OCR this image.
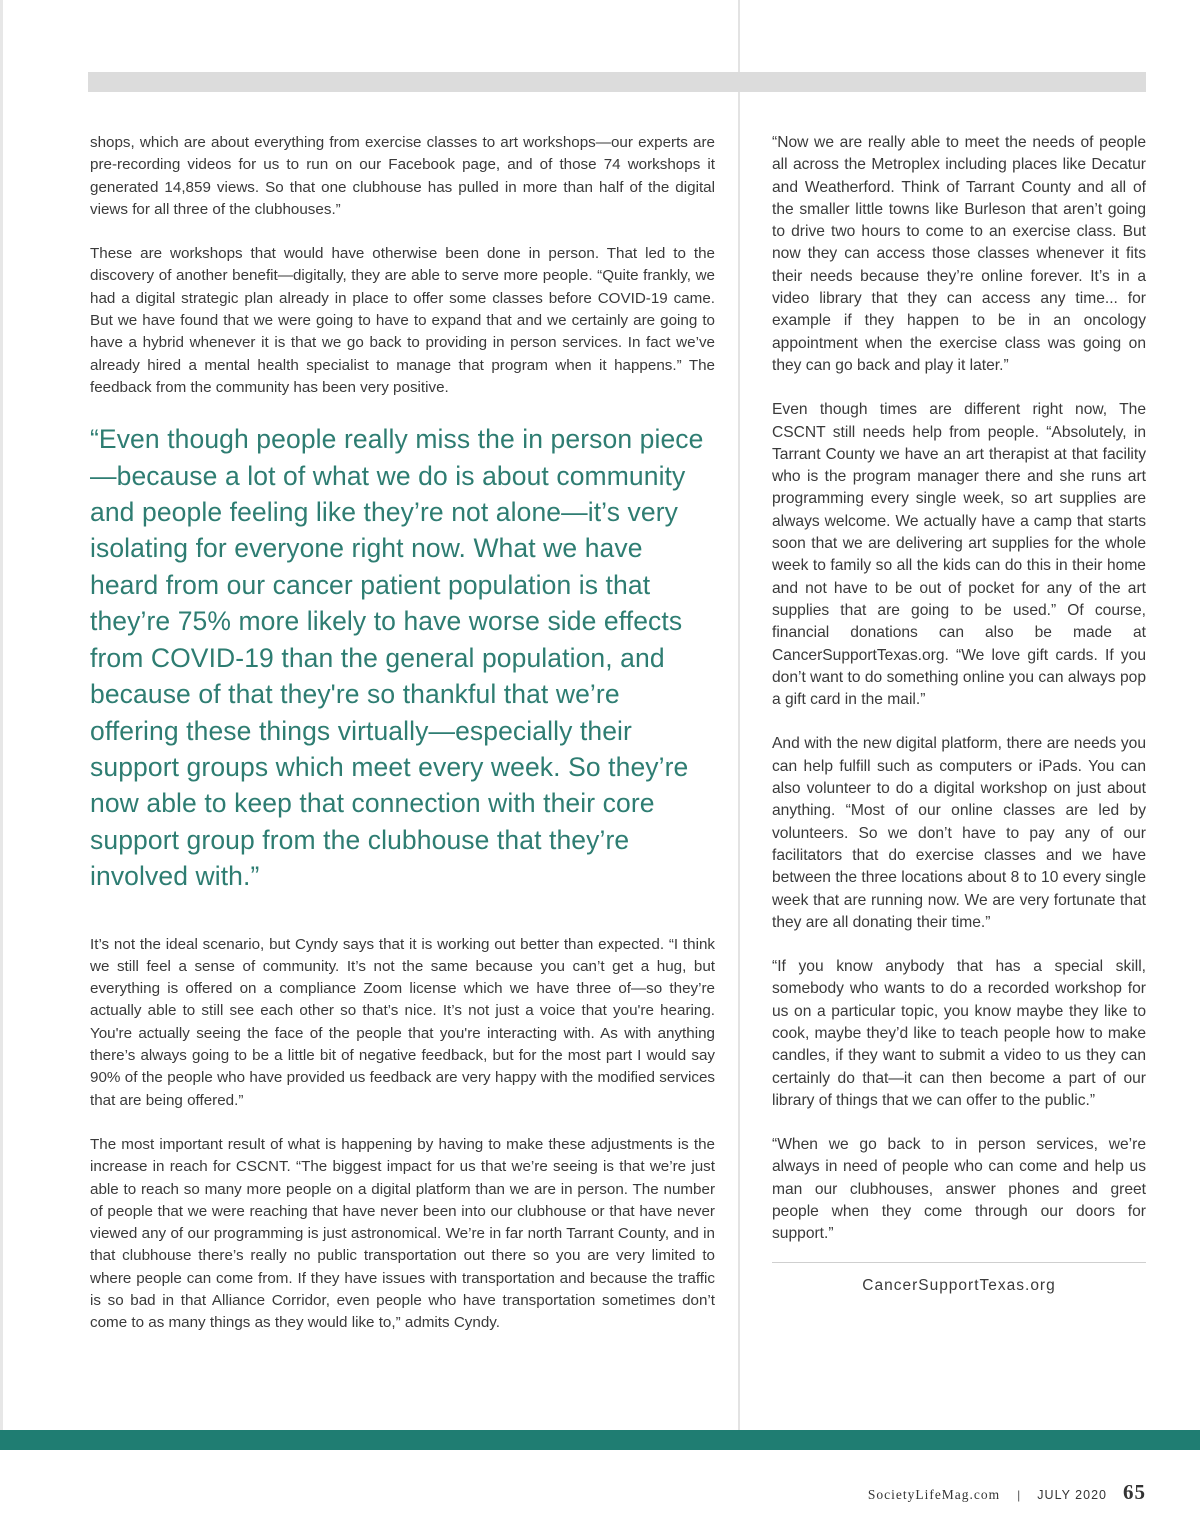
shops, which are about everything from exercise classes to art workshops—our experts are pre-recording videos for us to run on our Facebook page, and of those 74 workshops it generated 14,859 views. So that one clubhouse has pulled in more than half of the digital views for all three of the clubhouses.”

These are workshops that would have otherwise been done in person. That led to the discovery of another benefit—digitally, they are able to serve more people. “Quite frankly, we had a digital strategic plan already in place to offer some classes before COVID-19 came. But we have found that we were going to have to expand that and we certainly are going to have a hybrid whenever it is that we go back to providing in person services. In fact we’ve already hired a mental health specialist to manage that program when it happens.” The feedback from the community has been very positive.

“Even though people really miss the in person piece—because a lot of what we do is about community and people feeling like they’re not alone—it’s very isolating for everyone right now. What we have heard from our cancer patient population is that they’re 75% more likely to have worse side effects from COVID-19 than the general population, and because of that they're so thankful that we’re offering these things virtually—especially their support groups which meet every week. So they’re now able to keep that connection with their core support group from the clubhouse that they’re involved with.”

It’s not the ideal scenario, but Cyndy says that it is working out better than expected. “I think we still feel a sense of community. It’s not the same because you can’t get a hug, but everything is offered on a compliance Zoom license which we have three of—so they’re actually able to still see each other so that’s nice. It’s not just a voice that you're hearing. You're actually seeing the face of the people that you're interacting with. As with anything there’s always going to be a little bit of negative feedback, but for the most part I would say 90% of the people who have provided us feedback are very happy with the modified services that are being offered.”

The most important result of what is happening by having to make these adjustments is the increase in reach for CSCNT. “The biggest impact for us that we’re seeing is that we’re just able to reach so many more people on a digital platform than we are in person. The number of people that we were reaching that have never been into our clubhouse or that have never viewed any of our programming is just astronomical. We’re in far north Tarrant County, and in that clubhouse there’s really no public transportation out there so you are very limited to where people can come from. If they have issues with transportation and because the traffic is so bad in that Alliance Corridor, even people who have transportation sometimes don’t come to as many things as they would like to,” admits Cyndy.

“Now we are really able to meet the needs of people all across the Metroplex including places like Decatur and Weatherford. Think of Tarrant County and all of the smaller little towns like Burleson that aren’t going to drive two hours to come to an exercise class. But now they can access those classes whenever it fits their needs because they’re online forever. It’s in a video library that they can access any time... for example if they happen to be in an oncology appointment when the exercise class was going on they can go back and play it later.”

Even though times are different right now, The CSCNT still needs help from people. “Absolutely, in Tarrant County we have an art therapist at that facility who is the program manager there and she runs art programming every single week, so art supplies are always welcome. We actually have a camp that starts soon that we are delivering art supplies for the whole week to family so all the kids can do this in their home and not have to be out of pocket for any of the art supplies that are going to be used.” Of course, financial donations can also be made at CancerSupportTexas.org. “We love gift cards. If you don’t want to do something online you can always pop a gift card in the mail.”

And with the new digital platform, there are needs you can help fulfill such as computers or iPads. You can also volunteer to do a digital workshop on just about anything. “Most of our online classes are led by volunteers. So we don’t have to pay any of our facilitators that do exercise classes and we have between the three locations about 8 to 10 every single week that are running now. We are very fortunate that they are all donating their time.”

“If you know anybody that has a special skill, somebody who wants to do a recorded workshop for us on a particular topic, you know maybe they like to cook, maybe they’d like to teach people how to make candles, if they want to submit a video to us they can certainly do that—it can then become a part of our library of things that we can offer to the public.”

“When we go back to in person services, we’re always in need of people who can come and help us man our clubhouses, answer phones and greet people when they come through our doors for support.”

CancerSupportTexas.org
SocietyLifeMag.com | JULY 2020 65
